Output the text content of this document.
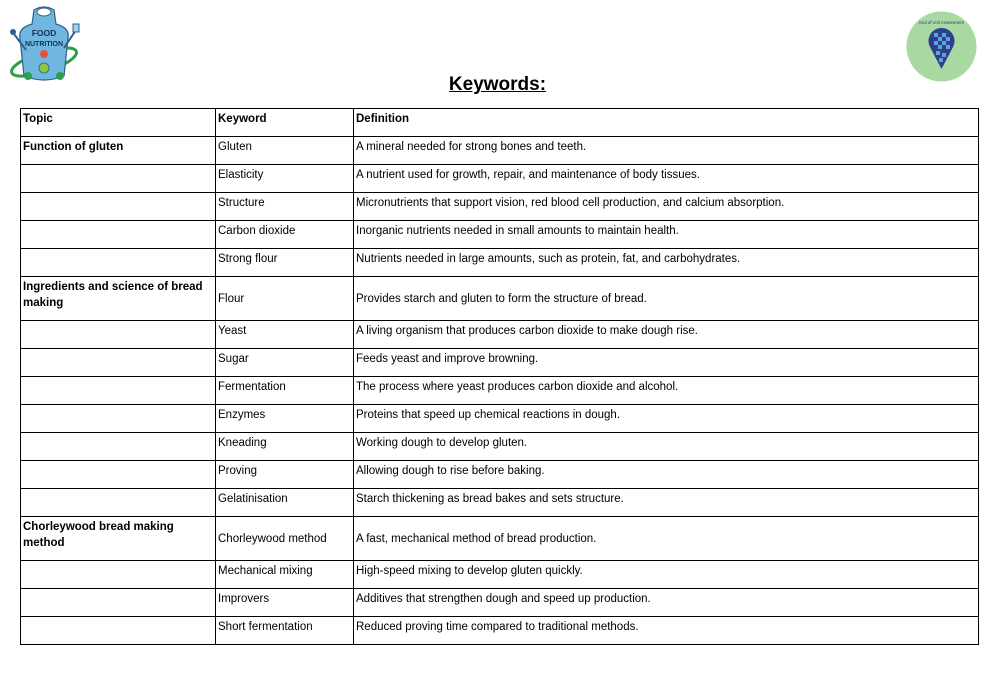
FOOD
NUTRITION
End of Unit Assessment
Keywords:
Topic	Keyword	Definition
Function of gluten	Gluten	A mineral needed for strong bones and teeth.
	Elasticity	A nutrient used for growth, repair, and maintenance of body tissues.
	Structure	Micronutrients that support vision, red blood cell production, and calcium absorption.
	Carbon dioxide	Inorganic nutrients needed in small amounts to maintain health.
	Strong flour	Nutrients needed in large amounts, such as protein, fat, and carbohydrates.
Ingredients and science of bread making	Flour	Provides starch and gluten to form the structure of bread.
	Yeast	A living organism that produces carbon dioxide to make dough rise.
	Sugar	Feeds yeast and improve browning.
	Fermentation	The process where yeast produces carbon dioxide and alcohol.
	Enzymes	Proteins that speed up chemical reactions in dough.
	Kneading	Working dough to develop gluten.
	Proving	Allowing dough to rise before baking.
	Gelatinisation	Starch thickening as bread bakes and sets structure.
Chorleywood bread making method	Chorleywood method	A fast, mechanical method of bread production.
	Mechanical mixing	High-speed mixing to develop gluten quickly.
	Improvers	Additives that strengthen dough and speed up production.
	Short fermentation	Reduced proving time compared to traditional methods.
